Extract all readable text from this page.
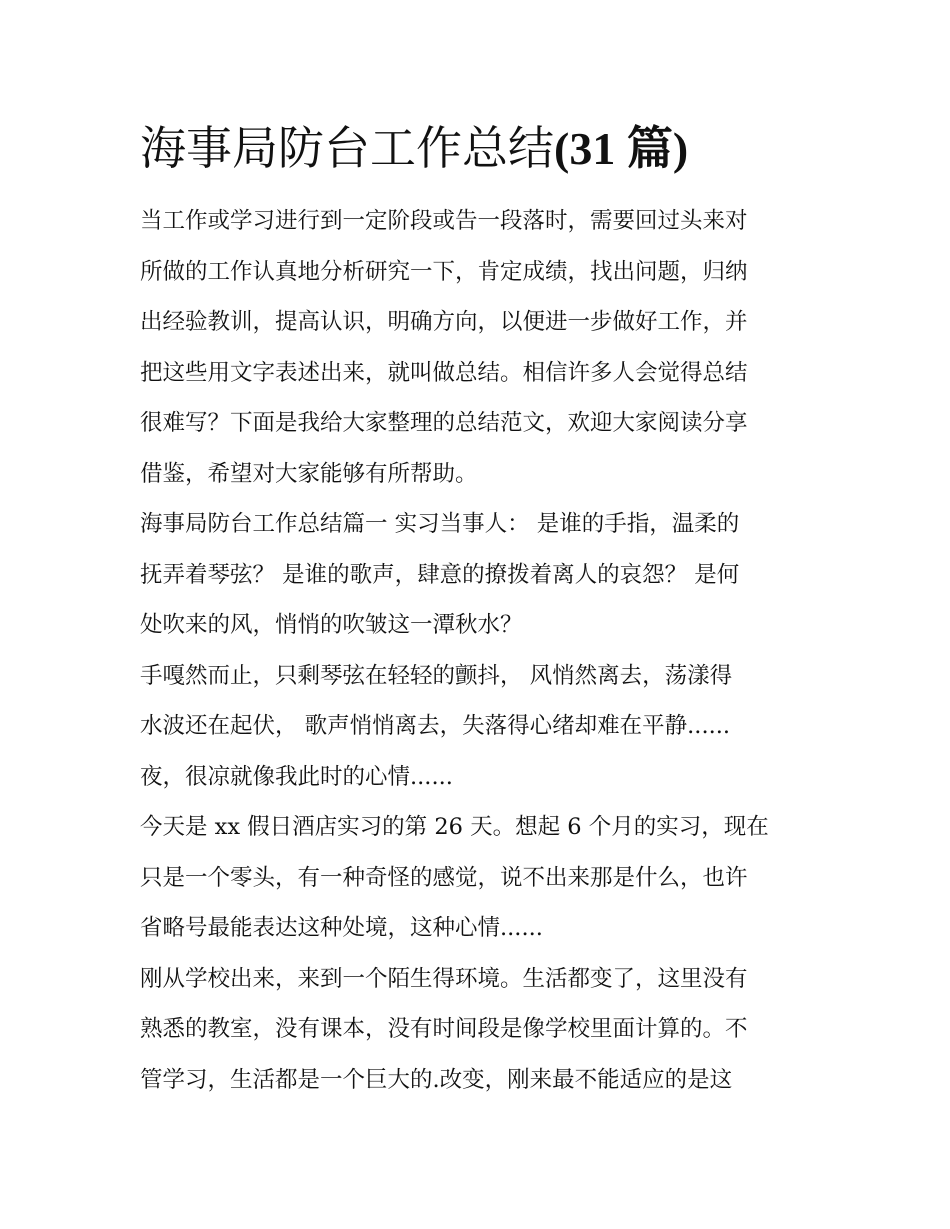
海事局防台工作总结(31 篇)
当工作或学习进行到一定阶段或告一段落时，需要回过头来对
所做的工作认真地分析研究一下，肯定成绩，找出问题，归纳
出经验教训，提高认识，明确方向，以便进一步做好工作，并
把这些用文字表述出来，就叫做总结。相信许多人会觉得总结
很难写？下面是我给大家整理的总结范文，欢迎大家阅读分享
借鉴，希望对大家能够有所帮助。
海事局防台工作总结篇一 实习当事人： 是谁的手指，温柔的
抚弄着琴弦？ 是谁的歌声，肆意的撩拨着离人的哀怨？ 是何
处吹来的风，悄悄的吹皱这一潭秋水？
手嘎然而止，只剩琴弦在轻轻的颤抖， 风悄然离去，荡漾得
水波还在起伏， 歌声悄悄离去，失落得心绪却难在平静......
夜，很凉就像我此时的心情......
今天是 xx 假日酒店实习的第 26 天。想起 6 个月的实习，现在
只是一个零头，有一种奇怪的感觉，说不出来那是什么，也许
省略号最能表达这种处境，这种心情......
刚从学校出来，来到一个陌生得环境。生活都变了，这里没有
熟悉的教室，没有课本，没有时间段是像学校里面计算的。不
管学习，生活都是一个巨大的.改变，刚来最不能适应的是这
